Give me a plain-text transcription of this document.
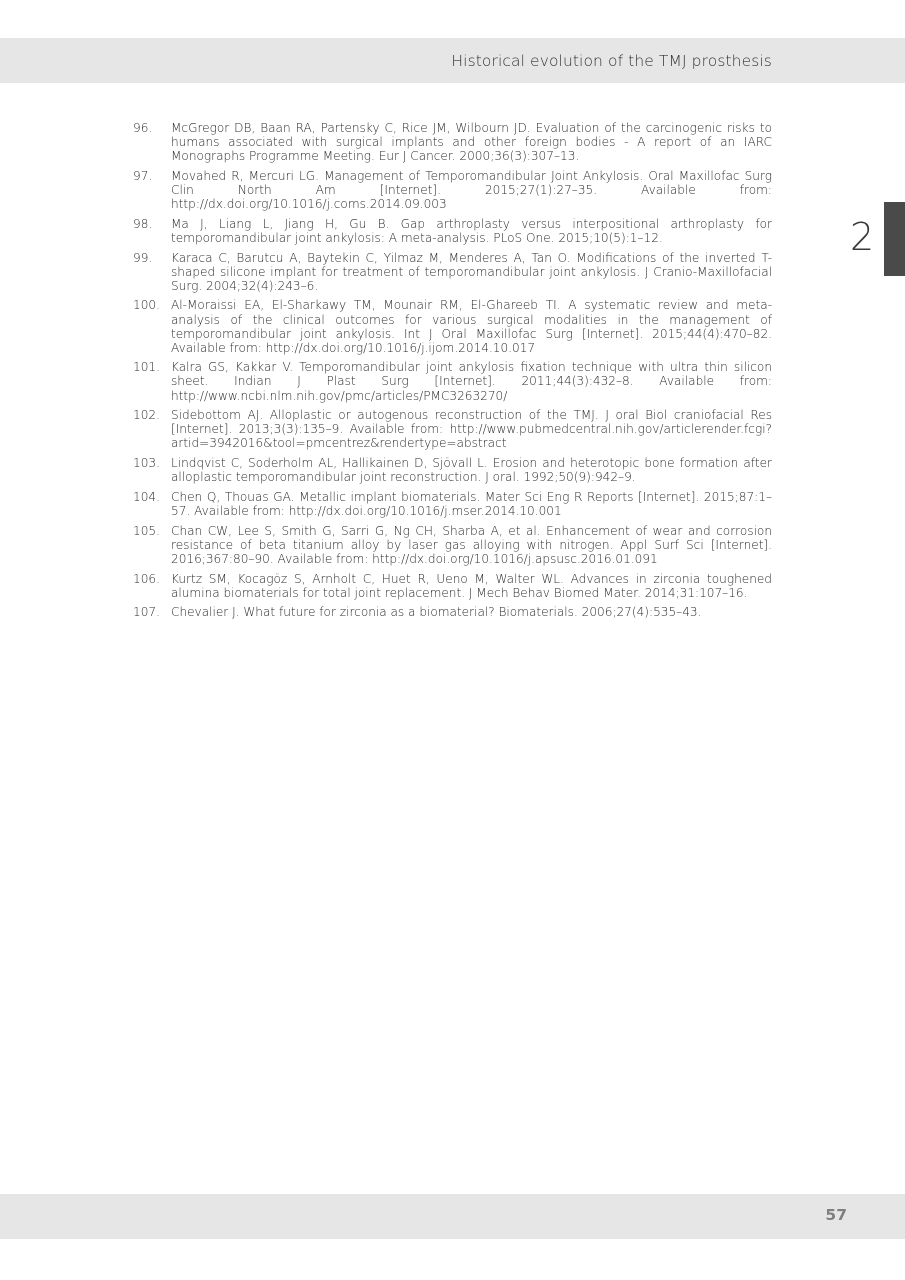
Historical evolution of the TMJ prosthesis
2
96.	McGregor DB, Baan RA, Partensky C, Rice JM, Wilbourn JD. Evaluation of the carcinogenic risks to humans associated with surgical implants and other foreign bodies - A report of an IARC Monographs Programme Meeting. Eur J Cancer. 2000;36(3):307–13.
97.	Movahed R, Mercuri LG. Management of Temporomandibular Joint Ankylosis. Oral Maxillofac Surg Clin North Am [Internet]. 2015;27(1):27–35. Available from: http://dx.doi.org/10.1016/j.coms.2014.09.003
98.	Ma J, Liang L, Jiang H, Gu B. Gap arthroplasty versus interpositional arthroplasty for temporomandibular joint ankylosis: A meta-analysis. PLoS One. 2015;10(5):1–12.
99.	Karaca C, Barutcu A, Baytekin C, Yilmaz M, Menderes A, Tan O. Modifications of the inverted T-shaped silicone implant for treatment of temporomandibular joint ankylosis. J Cranio-Maxillofacial Surg. 2004;32(4):243–6.
100. Al-Moraissi EA, El-Sharkawy TM, Mounair RM, El-Ghareeb TI. A systematic review and meta-analysis of the clinical outcomes for various surgical modalities in the management of temporomandibular joint ankylosis. Int J Oral Maxillofac Surg [Internet]. 2015;44(4):470–82. Available from: http://dx.doi.org/10.1016/j.ijom.2014.10.017
101. Kalra GS, Kakkar V. Temporomandibular joint ankylosis fixation technique with ultra thin silicon sheet. Indian J Plast Surg [Internet]. 2011;44(3):432–8. Available from: http://www.ncbi.nlm.nih.gov/pmc/articles/PMC3263270/
102. Sidebottom AJ. Alloplastic or autogenous reconstruction of the TMJ. J oral Biol craniofacial Res [Internet]. 2013;3(3):135–9. Available from: http://www.pubmedcentral.nih.gov/articlerender.fcgi?artid=3942016&tool=pmcentrez&rendertype=abstract
103. Lindqvist C, Soderholm AL, Hallikainen D, Sjövall L. Erosion and heterotopic bone formation after alloplastic temporomandibular joint reconstruction. J oral. 1992;50(9):942–9.
104. Chen Q, Thouas GA. Metallic implant biomaterials. Mater Sci Eng R Reports [Internet]. 2015;87:1–57. Available from: http://dx.doi.org/10.1016/j.mser.2014.10.001
105. Chan CW, Lee S, Smith G, Sarri G, Ng CH, Sharba A, et al. Enhancement of wear and corrosion resistance of beta titanium alloy by laser gas alloying with nitrogen. Appl Surf Sci [Internet]. 2016;367:80–90. Available from: http://dx.doi.org/10.1016/j.apsusc.2016.01.091
106. Kurtz SM, Kocagöz S, Arnholt C, Huet R, Ueno M, Walter WL. Advances in zirconia toughened alumina biomaterials for total joint replacement. J Mech Behav Biomed Mater. 2014;31:107–16.
107. Chevalier J. What future for zirconia as a biomaterial? Biomaterials. 2006;27(4):535–43.
57
